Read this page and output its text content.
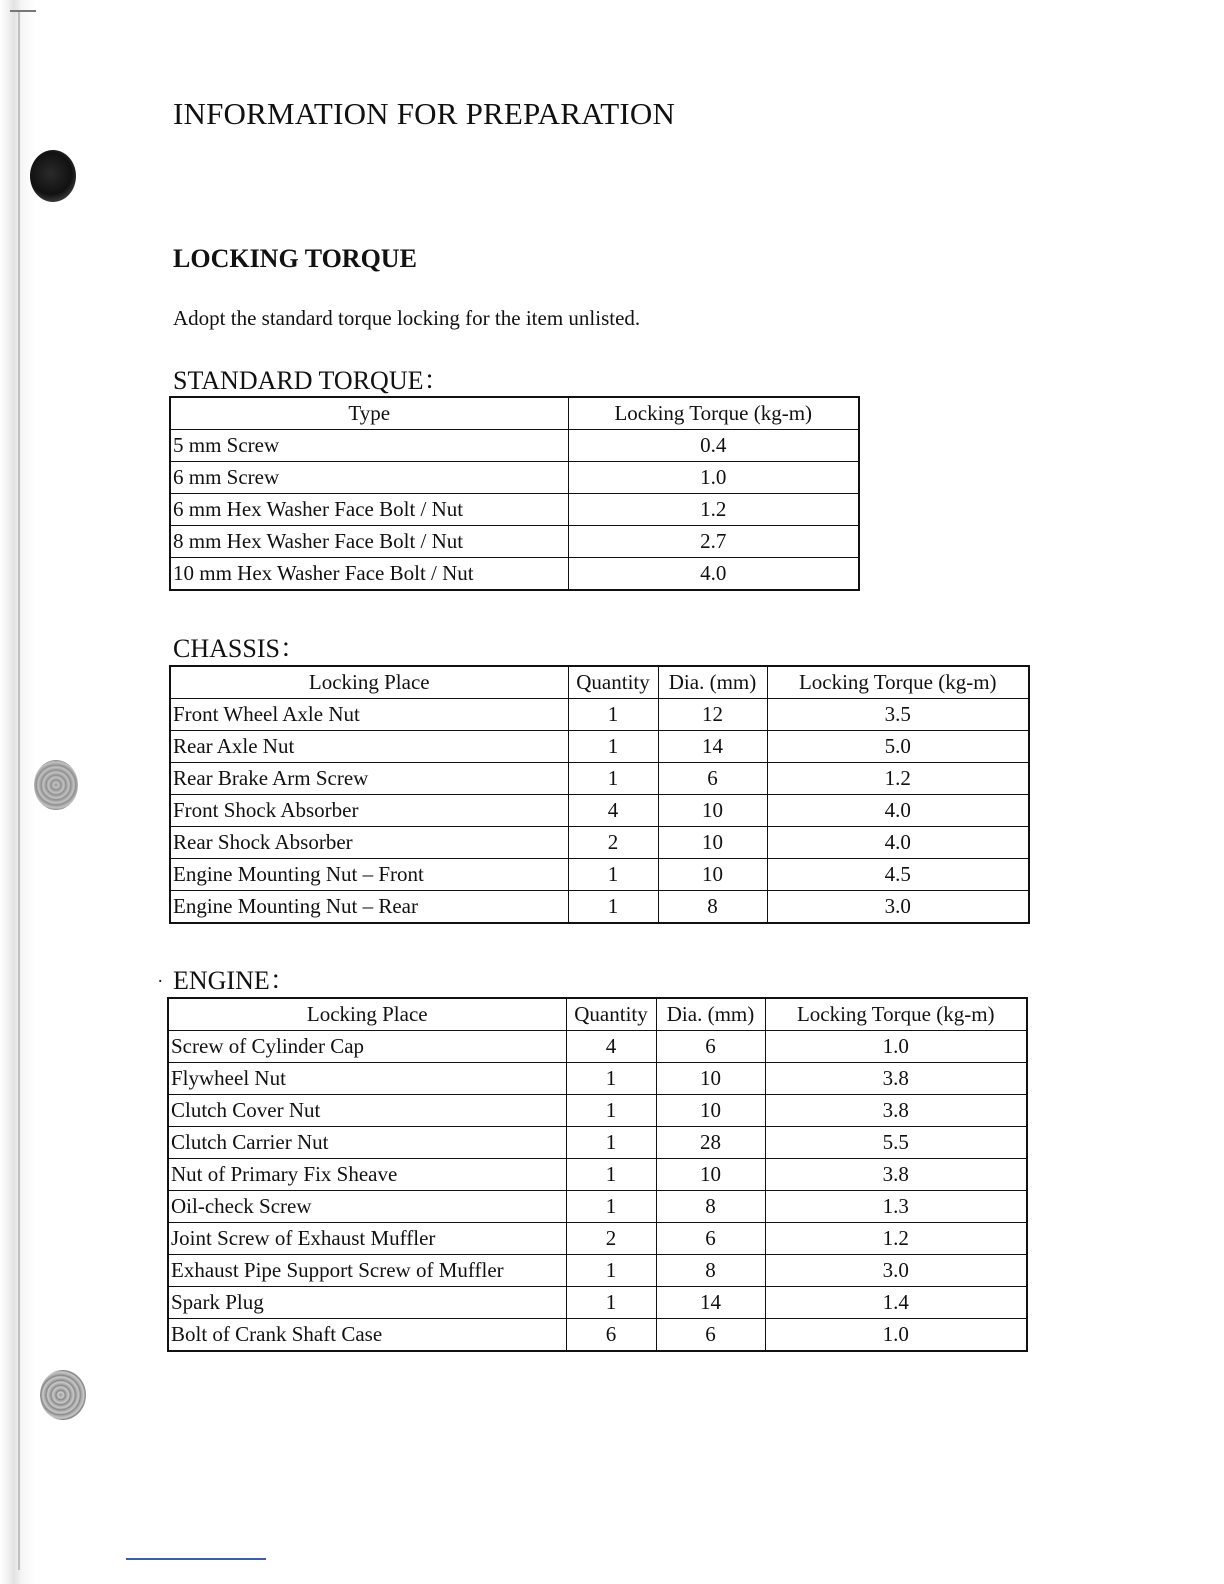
INFORMATION FOR PREPARATION
LOCKING TORQUE

Adopt the standard torque locking for the item unlisted.

STANDARD TORQUE：
Type	Locking Torque (kg-m)
5 mm Screw	0.4
6 mm Screw	1.0
6 mm Hex Washer Face Bolt / Nut	1.2
8 mm Hex Washer Face Bolt / Nut	2.7
10 mm Hex Washer Face Bolt / Nut	4.0
CHASSIS：
Locking Place	Quantity	Dia. (mm)	Locking Torque (kg-m)
Front Wheel Axle Nut	1	12	3.5
Rear Axle Nut	1	14	5.0
Rear Brake Arm Screw	1	6	1.2
Front Shock Absorber	4	10	4.0
Rear Shock Absorber	2	10	4.0
Engine Mounting Nut – Front	1	10	4.5
Engine Mounting Nut – Rear	1	8	3.0
. ENGINE：
Locking Place	Quantity	Dia. (mm)	Locking Torque (kg-m)
Screw of Cylinder Cap	4	6	1.0
Flywheel Nut	1	10	3.8
Clutch Cover Nut	1	10	3.8
Clutch Carrier Nut	1	28	5.5
Nut of Primary Fix Sheave	1	10	3.8
Oil-check Screw	1	8	1.3
Joint Screw of Exhaust Muffler	2	6	1.2
Exhaust Pipe Support Screw of Muffler	1	8	3.0
Spark Plug	1	14	1.4
Bolt of Crank Shaft Case	6	6	1.0
